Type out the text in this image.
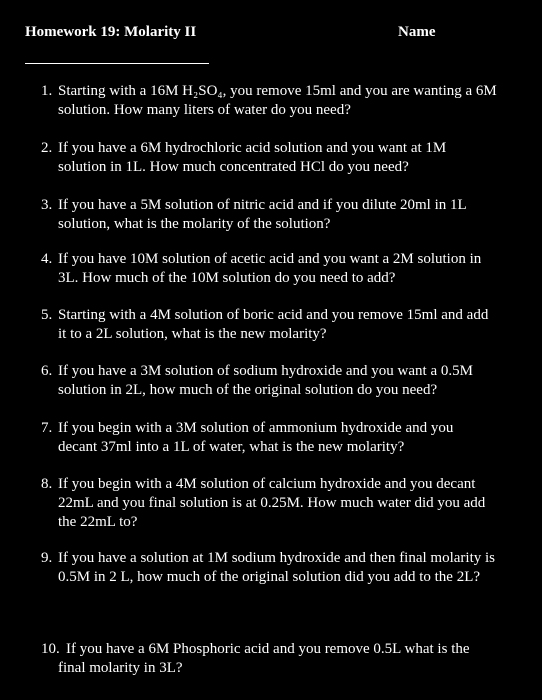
Homework 19: Molarity II	Name
1. Starting with a 16M H₂SO₄, you remove 15ml and you are wanting a 6M
solution. How many liters of water do you need?
2. If you have a 6M hydrochloric acid solution and you want at 1M
solution in 1L. How much concentrated HCl do you need?
3. If you have a 5M solution of nitric acid and if you dilute 20ml in 1L
solution, what is the molarity of the solution?
4. If you have 10M solution of acetic acid and you want a 2M solution in
3L. How much of the 10M solution do you need to add?
5. Starting with a 4M solution of boric acid and you remove 15ml and add
it to a 2L solution, what is the new molarity?
6. If you have a 3M solution of sodium hydroxide and you want a 0.5M
solution in 2L, how much of the original solution do you need?
7. If you begin with a 3M solution of ammonium hydroxide and you
decant 37ml into a 1L of water, what is the new molarity?
8. If you begin with a 4M solution of calcium hydroxide and you decant
22mL and you final solution is at 0.25M. How much water did you add
the 22mL to?
9. If you have a solution at 1M sodium hydroxide and then final molarity is
0.5M in 2 L, how much of the original solution did you add to the 2L?
10. If you have a 6M Phosphoric acid and you remove 0.5L what is the
final molarity in 3L?
